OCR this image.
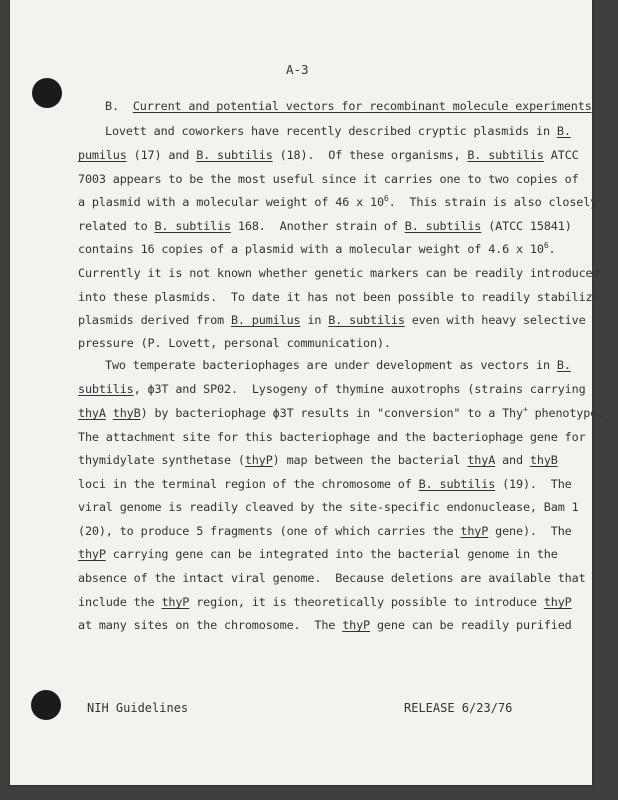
A-3
B. Current and potential vectors for recombinant molecule experiments
Lovett and coworkers have recently described cryptic plasmids in B.
pumilus (17) and B. subtilis (18).  Of these organisms, B. subtilis ATCC
7003 appears to be the most useful since it carries one to two copies of
a plasmid with a molecular weight of 46 x $10^6$.  This strain is also closely
related to B. subtilis 168.  Another strain of B. subtilis (ATCC 15841)
contains 16 copies of a plasmid with a molecular weight of 4.6 x $10^6$.
Currently it is not known whether genetic markers can be readily introduced
into these plasmids.  To date it has not been possible to readily stabilize
plasmids derived from B. pumilus in B. subtilis even with heavy selective
pressure (P. Lovett, personal communication).
Two temperate bacteriophages are under development as vectors in B.
subtilis, ϕ3T and SP02.  Lysogeny of thymine auxotrophs (strains carrying
thyA thyB) by bacteriophage ϕ3T results in "conversion" to a Thy+ phenotype.
The attachment site for this bacteriophage and the bacteriophage gene for
thymidylate synthetase (thyP) map between the bacterial thyA and thyB
loci in the terminal region of the chromosome of B. subtilis (19).  The
viral genome is readily cleaved by the site-specific endonuclease, Bam 1
(20), to produce 5 fragments (one of which carries the thyP gene).  The
thyP carrying gene can be integrated into the bacterial genome in the
absence of the intact viral genome.  Because deletions are available that
include the thyP region, it is theoretically possible to introduce thyP
at many sites on the chromosome.  The thyP gene can be readily purified
NIH Guidelines	RELEASE 6/23/76
